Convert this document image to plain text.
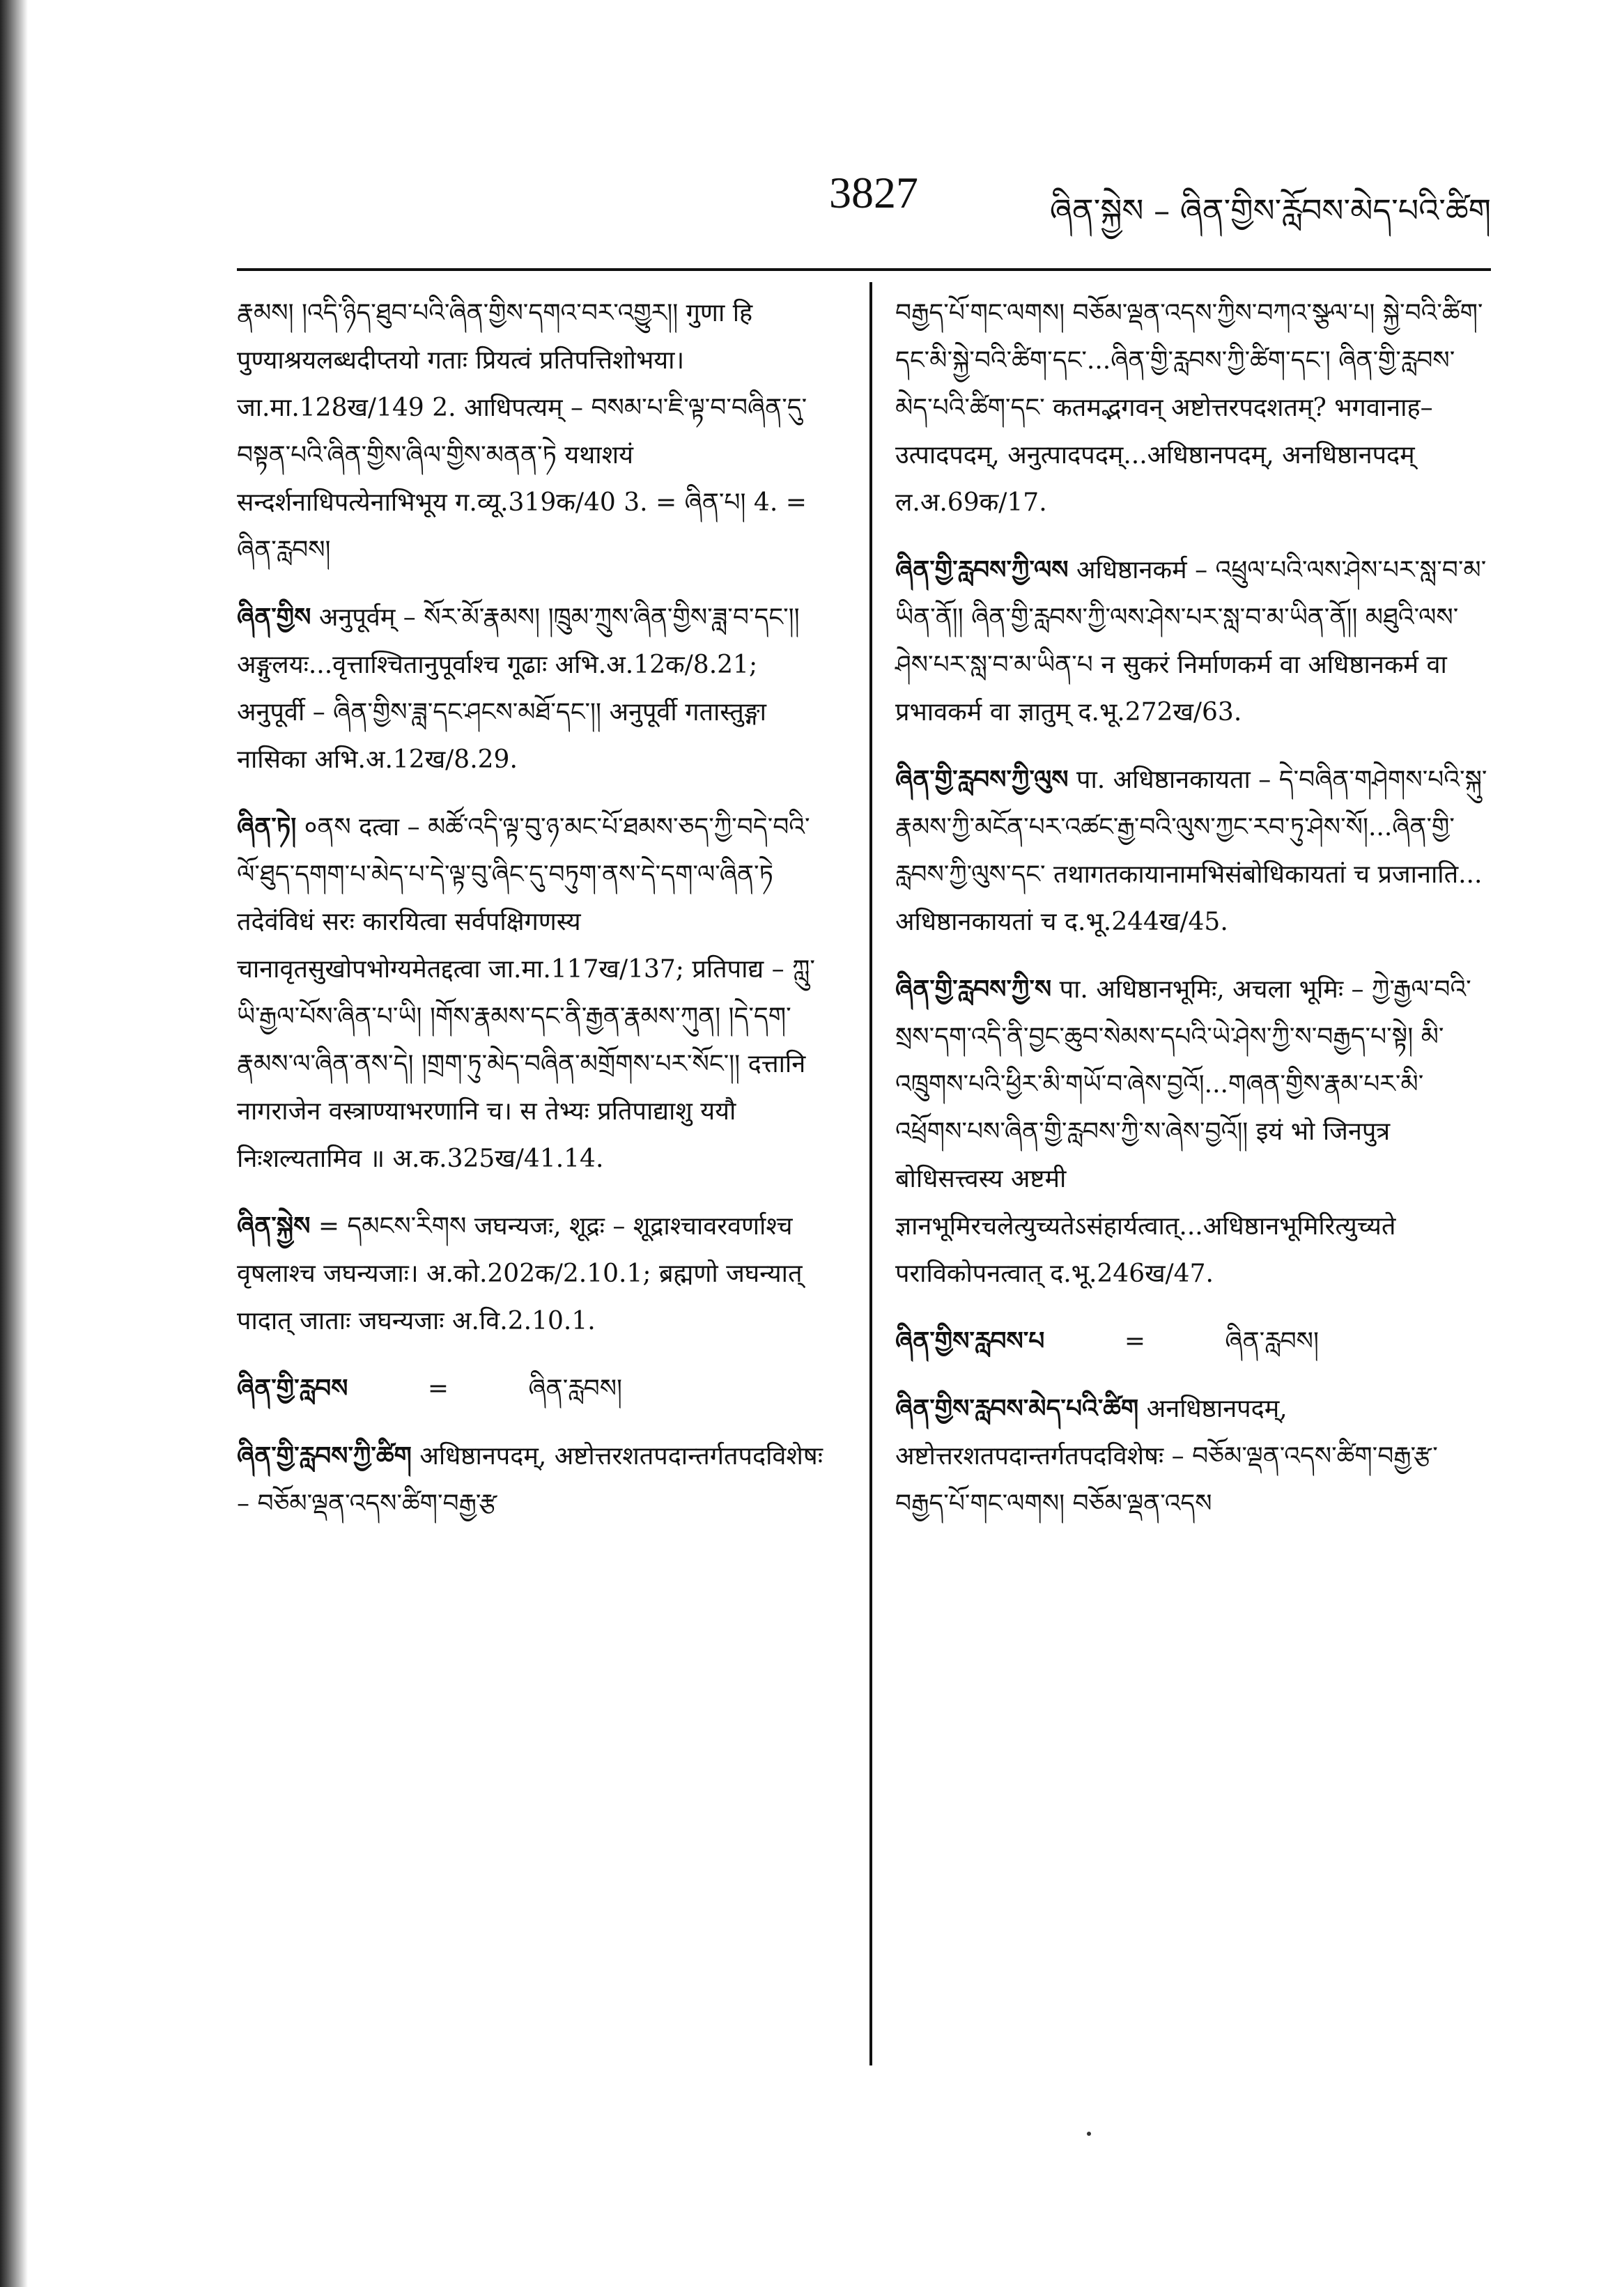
3827	ཞིན་སྐྱེས – ཞིན་གྱིས་རློབས་མེད་པའི་ཚིག

རྣམས། །འདི་ཉིད་ཐུབ་པའི་ཞིན་གྱིས་དགའ་བར་འགྱུར།། गुणा हि पुण्याश्रयलब्धदीप्तयो गताः प्रियत्वं प्रतिपत्तिशोभया। जा.मा.128ख/149 2. आधिपत्यम् – བསམ་པ་ཇི་ལྟ་བ་བཞིན་དུ་བསྟན་པའི་ཞིན་གྱིས་ཞིལ་གྱིས་མནན་ཏེ यथाशयं सन्दर्शनाधिपत्येनाभिभूय ग.व्यू.319क/40 3. = ཞིན་པ། 4. = ཞིན་རླབས།

ཞིན་གྱིས अनुपूर्वम् – སོར་མོ་རྣམས། །ཁྲུམ་ཀྲུས་ཞིན་གྱིས་ཟླ་བ་དང་།། अङ्गुलयः...वृत्ताश्चितानुपूर्वाश्च गूढाः अभि.अ.12क/8.21; अनुपूर्वी – ཞིན་གྱིས་ཟླ་དང་ཤངས་མཐོ་དང་།། अनुपूर्वी गतास्तुङ्गा नासिका अभि.अ.12ख/8.29.

ཞིན་ཏེ། ०ནས दत्वा – མཚོ་འདི་ལྟ་བུ་ཉ་མང་པོ་ཐམས་ཅད་ཀྱི་བདེ་བའི་ལོ་ཐུད་དགག་པ་མེད་པ་དེ་ལྟ་བུ་ཞིང་དུ་བཏུག་ནས་དེ་དག་ལ་ཞིན་ཏེ तदेवंविधं सरः कारयित्वा सर्वपक्षिगणस्य चानावृतसुखोपभोग्यमेतद्दत्वा जा.मा.117ख/137; प्रतिपाद्य – ཀླུ་ཡི་རྒྱལ་པོས་ཞིན་པ་ཡི། །གོས་རྣམས་དང་ནི་རྒྱན་རྣམས་ཀུན། །དེ་དག་རྣམས་ལ་ཞིན་ནས་དེ། །གྲག་ཏུ་མེད་བཞིན་མགྲོགས་པར་སོང་།། दत्तानि नागराजेन वस्त्राण्याभरणानि च। स तेभ्यः प्रतिपाद्याशु ययौ निःशल्यतामिव ॥ अ.क.325ख/41.14.

ཞིན་སྐྱེས = དམངས་རིགས जघन्यजः, शूद्रः – शूद्राश्चावरवर्णाश्च वृषलाश्च जघन्यजाः। अ.को.202क/2.10.1; ब्रह्मणो जघन्यात् पादात् जाताः जघन्यजाः अ.वि.2.10.1.

ཞིན་གྱི་རླབས          =          ཞིན་རླབས།

ཞིན་གྱི་རླབས་ཀྱི་ཚིག अधिष्ठानपदम्, अष्टोत्तरशतपदान्तर्गतपदविशेषः – བཅོམ་ལྡན་འདས་ཚིག་བརྒྱ་རྩ

བརྒྱད་པོ་གང་ལགས། བཅོམ་ལྡན་འདས་ཀྱིས་བཀའ་སྩལ་པ། སྐྱེ་བའི་ཚིག་དང་མི་སྐྱེ་བའི་ཚིག་དང་...ཞིན་གྱི་རླབས་ཀྱི་ཚིག་དང་། ཞིན་གྱི་རླབས་མེད་པའི་ཚིག་དང་ कतमद्भगवन् अष्टोत्तरपदशतम्? भगवानाह–उत्पादपदम्, अनुत्पादपदम्...अधिष्ठानपदम्, अनधिष्ठानपदम् ल.अ.69क/17.

ཞིན་གྱི་རླབས་ཀྱི་ལས अधिष्ठानकर्म – འཕྲུལ་པའི་ལས་ཤེས་པར་སླ་བ་མ་ཡིན་ནོ།། ཞིན་གྱི་རླབས་ཀྱི་ལས་ཤེས་པར་སླ་བ་མ་ཡིན་ནོ།། མཐུའི་ལས་ཤེས་པར་སླ་བ་མ་ཡིན་པ न सुकरं निर्माणकर्म वा अधिष्ठानकर्म वा प्रभावकर्म वा ज्ञातुम् द.भू.272ख/63.

ཞིན་གྱི་རླབས་ཀྱི་ལུས पा. अधिष्ठानकायता – དེ་བཞིན་གཤེགས་པའི་སྐུ་རྣམས་ཀྱི་མངོན་པར་འཚང་རྒྱ་བའི་ལུས་ཀྱང་རབ་ཏུ་ཤེས་སོ།...ཞིན་གྱི་རླབས་ཀྱི་ལུས་དང་ तथागतकायानामभिसंबोधिकायतां च प्रजानाति... अधिष्ठानकायतां च द.भू.244ख/45.

ཞིན་གྱི་རླབས་ཀྱི་ས पा. अधिष्ठानभूमिः, अचला भूमिः – ཀྱེ་རྒྱལ་བའི་སྲས་དག་འདི་ནི་བྱང་ཆུབ་སེམས་དཔའི་ཡེ་ཤེས་ཀྱི་ས་བརྒྱད་པ་སྟེ། མི་འཁྲུགས་པའི་ཕྱིར་མི་གཡོ་བ་ཞེས་བྱའོ།...གཞན་གྱིས་རྣམ་པར་མི་འཕྲོགས་པས་ཞིན་གྱི་རླབས་ཀྱི་ས་ཞེས་བྱའོ།། इयं भो जिनपुत्र बोधिसत्त्वस्य अष्टमी ज्ञानभूमिरचलेत्युच्यतेऽसंहार्यत्वात्...अधिष्ठानभूमिरित्युच्यते पराविकोपनत्वात् द.भू.246ख/47.

ཞིན་གྱིས་རླབས་པ          =          ཞིན་རླབས།

ཞིན་གྱིས་རླབས་མེད་པའི་ཚིག अनधिष्ठानपदम्, अष्टोत्तरशतपदान्तर्गतपदविशेषः – བཅོམ་ལྡན་འདས་ཚིག་བརྒྱ་རྩ་བརྒྱད་པོ་གང་ལགས། བཅོམ་ལྡན་འདས
